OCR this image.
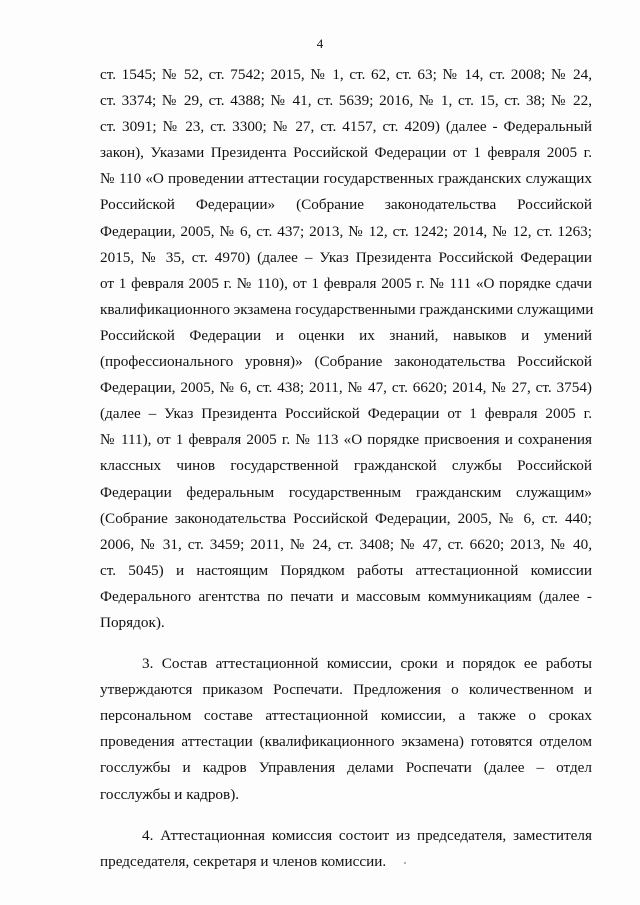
4
ст. 1545; № 52, ст. 7542; 2015, № 1, ст. 62, ст. 63; № 14, ст. 2008; № 24,
ст. 3374; № 29, ст. 4388; № 41, ст. 5639; 2016, № 1, ст. 15, ст. 38; № 22,
ст. 3091; № 23, ст. 3300; № 27, ст. 4157, ст. 4209) (далее - Федеральный
закон), Указами Президента Российской Федерации от 1 февраля 2005 г.
№ 110 «О проведении аттестации государственных гражданских служащих
Российской Федерации» (Собрание законодательства Российской
Федерации, 2005, № 6, ст. 437; 2013, № 12, ст. 1242; 2014, № 12, ст. 1263;
2015, № 35, ст. 4970) (далее – Указ Президента Российской Федерации
от 1 февраля 2005 г. № 110), от 1 февраля 2005 г. № 111 «О порядке сдачи
квалификационного экзамена государственными гражданскими служащими
Российской Федерации и оценки их знаний, навыков и умений
(профессионального уровня)» (Собрание законодательства Российской
Федерации, 2005, № 6, ст. 438; 2011, № 47, ст. 6620; 2014, № 27, ст. 3754)
(далее – Указ Президента Российской Федерации от 1 февраля 2005 г.
№ 111), от 1 февраля 2005 г. № 113 «О порядке присвоения и сохранения
классных чинов государственной гражданской службы Российской
Федерации федеральным государственным гражданским служащим»
(Собрание законодательства Российской Федерации, 2005, № 6, ст. 440;
2006, № 31, ст. 3459; 2011, № 24, ст. 3408; № 47, ст. 6620; 2013, № 40,
ст. 5045) и настоящим Порядком работы аттестационной комиссии
Федерального агентства по печати и массовым коммуникациям (далее -
Порядок).
3. Состав аттестационной комиссии, сроки и порядок ее работы
утверждаются приказом Роспечати. Предложения о количественном и
персональном составе аттестационной комиссии, а также о сроках
проведения аттестации (квалификационного экзамена) готовятся отделом
госслужбы и кадров Управления делами Роспечати (далее – отдел
госслужбы и кадров).
4. Аттестационная комиссия состоит из председателя, заместителя
председателя, секретаря и членов комиссии.
